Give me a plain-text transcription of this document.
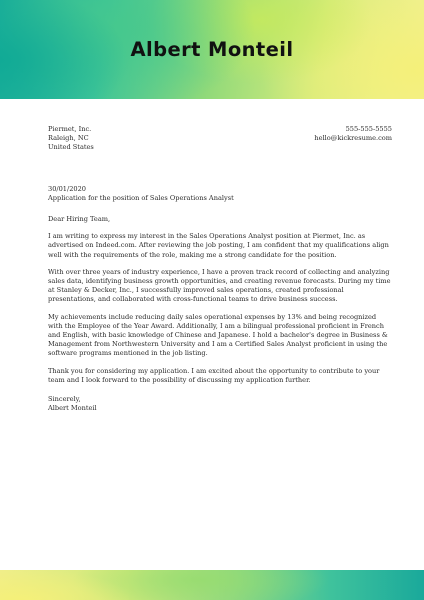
Albert Monteil
Piermet, Inc.
Raleigh, NC
United States
555-555-5555
hello@kickresume.com
30/01/2020

Application for the position of Sales Operations Analyst

Dear Hiring Team,

I am writing to express my interest in the Sales Operations Analyst position at Piermet, Inc. as advertised on Indeed.com. After reviewing the job posting, I am confident that my qualifications align well with the requirements of the role, making me a strong candidate for the position.

With over three years of industry experience, I have a proven track record of collecting and analyzing sales data, identifying business growth opportunities, and creating revenue forecasts. During my time at Stanley & Decker, Inc., I successfully improved sales operations, created professional presentations, and collaborated with cross-functional teams to drive business success.

My achievements include reducing daily sales operational expenses by 13% and being recognized with the Employee of the Year Award. Additionally, I am a bilingual professional proficient in French and English, with basic knowledge of Chinese and Japanese. I hold a bachelor's degree in Business & Management from Northwestern University and I am a Certified Sales Analyst proficient in using the software programs mentioned in the job listing.

Thank you for considering my application. I am excited about the opportunity to contribute to your team and I look forward to the possibility of discussing my application further.

Sincerely,
Albert Monteil
